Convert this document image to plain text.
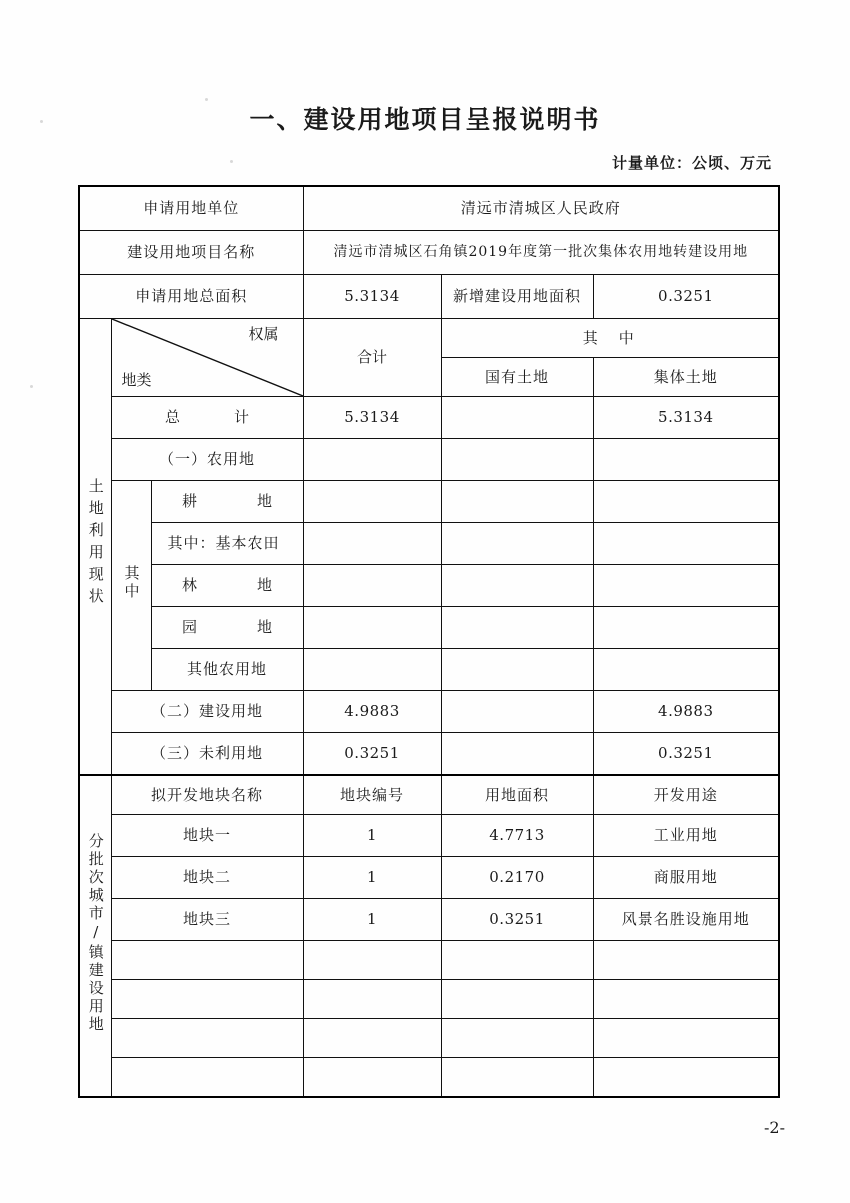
一、建设用地项目呈报说明书
计量单位：公顷、万元
申请用地单位			清远市清城区人民政府		
建设用地项目名称			清远市清城区石角镇2019年度第一批次集体农用地转建设用地		
申请用地总面积			5.3134	新增建设用地面积	0.3251
土地利用现状	权属
地类		合计	其　中	
				国有土地	集体土地
	总　　计		5.3134		5.3134
	（一）农用地				
	其中	耕　　地			
		其中：基本农田			
		林　　地			
		园　　地			
		其他农用地			
	（二）建设用地		4.9883		4.9883
	（三）未利用地		0.3251		0.3251
分批次城市/镇建设用地	拟开发地块名称		地块编号	用地面积	开发用途
	地块一		1	4.7713	工业用地
	地块二		1	0.2170	商服用地
	地块三		1	0.3251	风景名胜设施用地

-2-
